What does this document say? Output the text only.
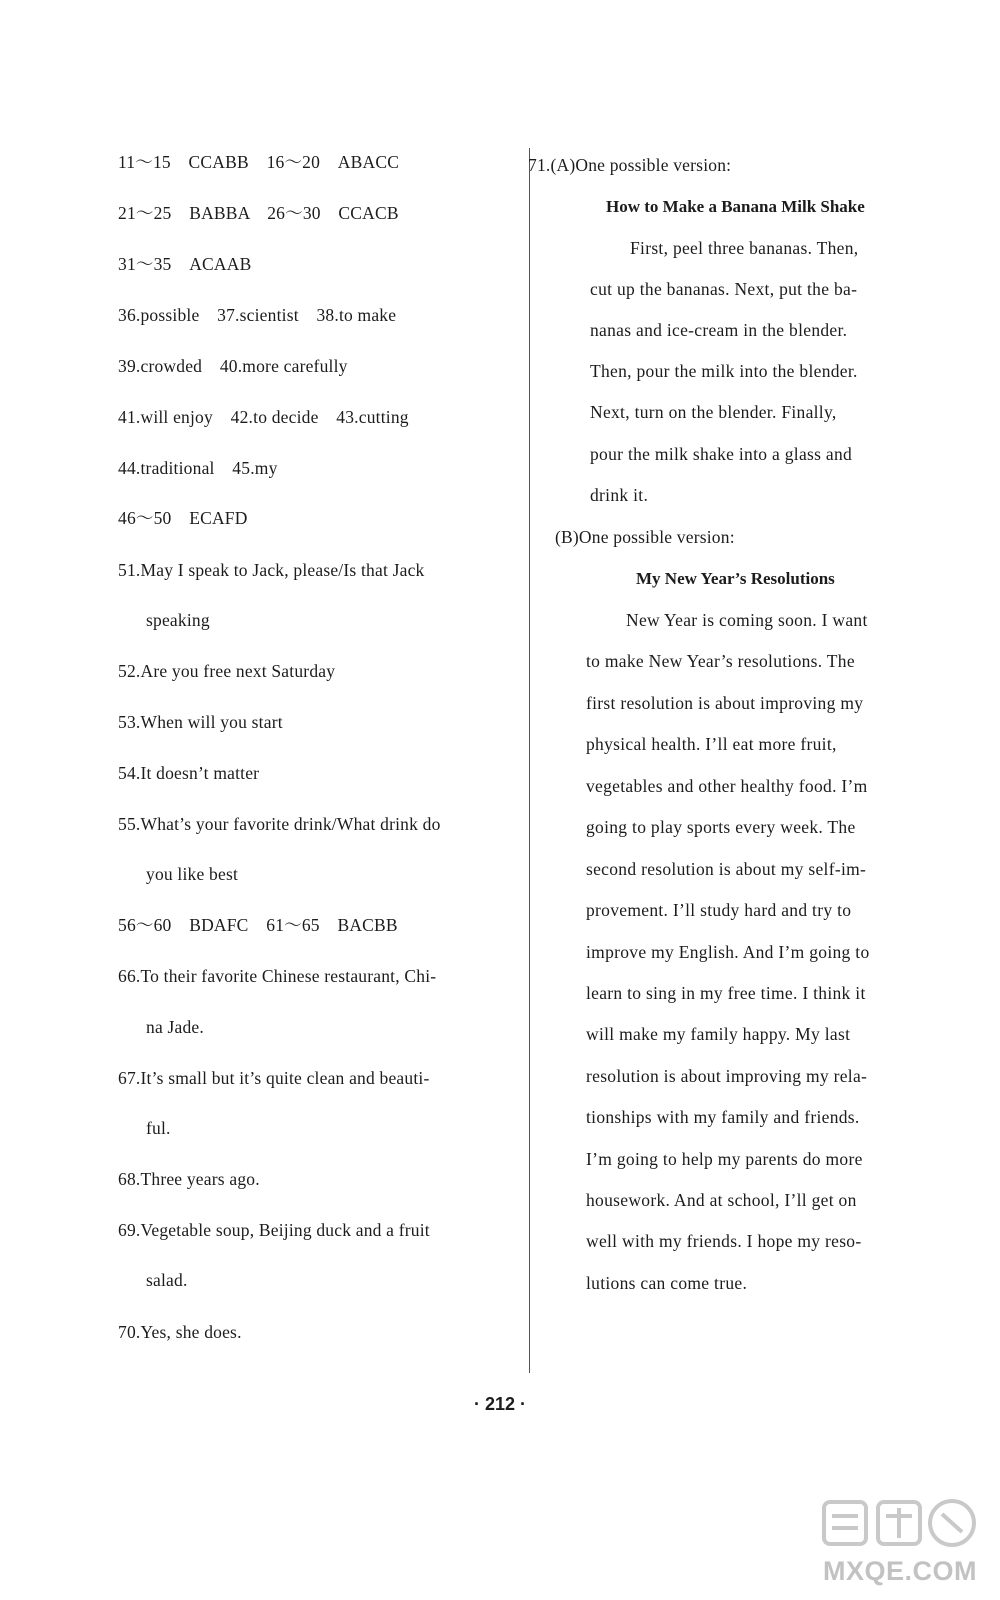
11～15　CCABB　16～20　ABACC
21～25　BABBA　26～30　CCACB
31～35　ACAAB
36.possible　37.scientist　38.to make
39.crowded　40.more carefully
41.will enjoy　42.to decide　43.cutting
44.traditional　45.my
46～50　ECAFD
51.May I speak to Jack, please/Is that Jack
speaking
52.Are you free next Saturday
53.When will you start
54.It doesn’t matter
55.What’s your favorite drink/What drink do
you like best
56～60　BDAFC　61～65　BACBB
66.To their favorite Chinese restaurant, Chi-
na Jade.
67.It’s small but it’s quite clean and beauti-
ful.
68.Three years ago.
69.Vegetable soup, Beijing duck and a fruit
salad.
70.Yes, she does.
71.(A)One possible version:
How to Make a Banana Milk Shake
First, peel three bananas. Then,
cut up the bananas. Next, put the ba-
nanas and ice-cream in the blender.
Then, pour the milk into the blender.
Next, turn on the blender. Finally,
pour the milk shake into a glass and
drink it.
(B)One possible version:
My New Year’s Resolutions
New Year is coming soon. I want
to make New Year’s resolutions. The
first resolution is about improving my
physical health. I’ll eat more fruit,
vegetables and other healthy food. I’m
going to play sports every week. The
second resolution is about my self-im-
provement. I’ll study hard and try to
improve my English. And I’m going to
learn to sing in my free time. I think it
will make my family happy. My last
resolution is about improving my rela-
tionships with my family and friends.
I’m going to help my parents do more
housework. And at school, I’ll get on
well with my friends. I hope my reso-
lutions can come true.
· 212 ·
MXQE.COM
